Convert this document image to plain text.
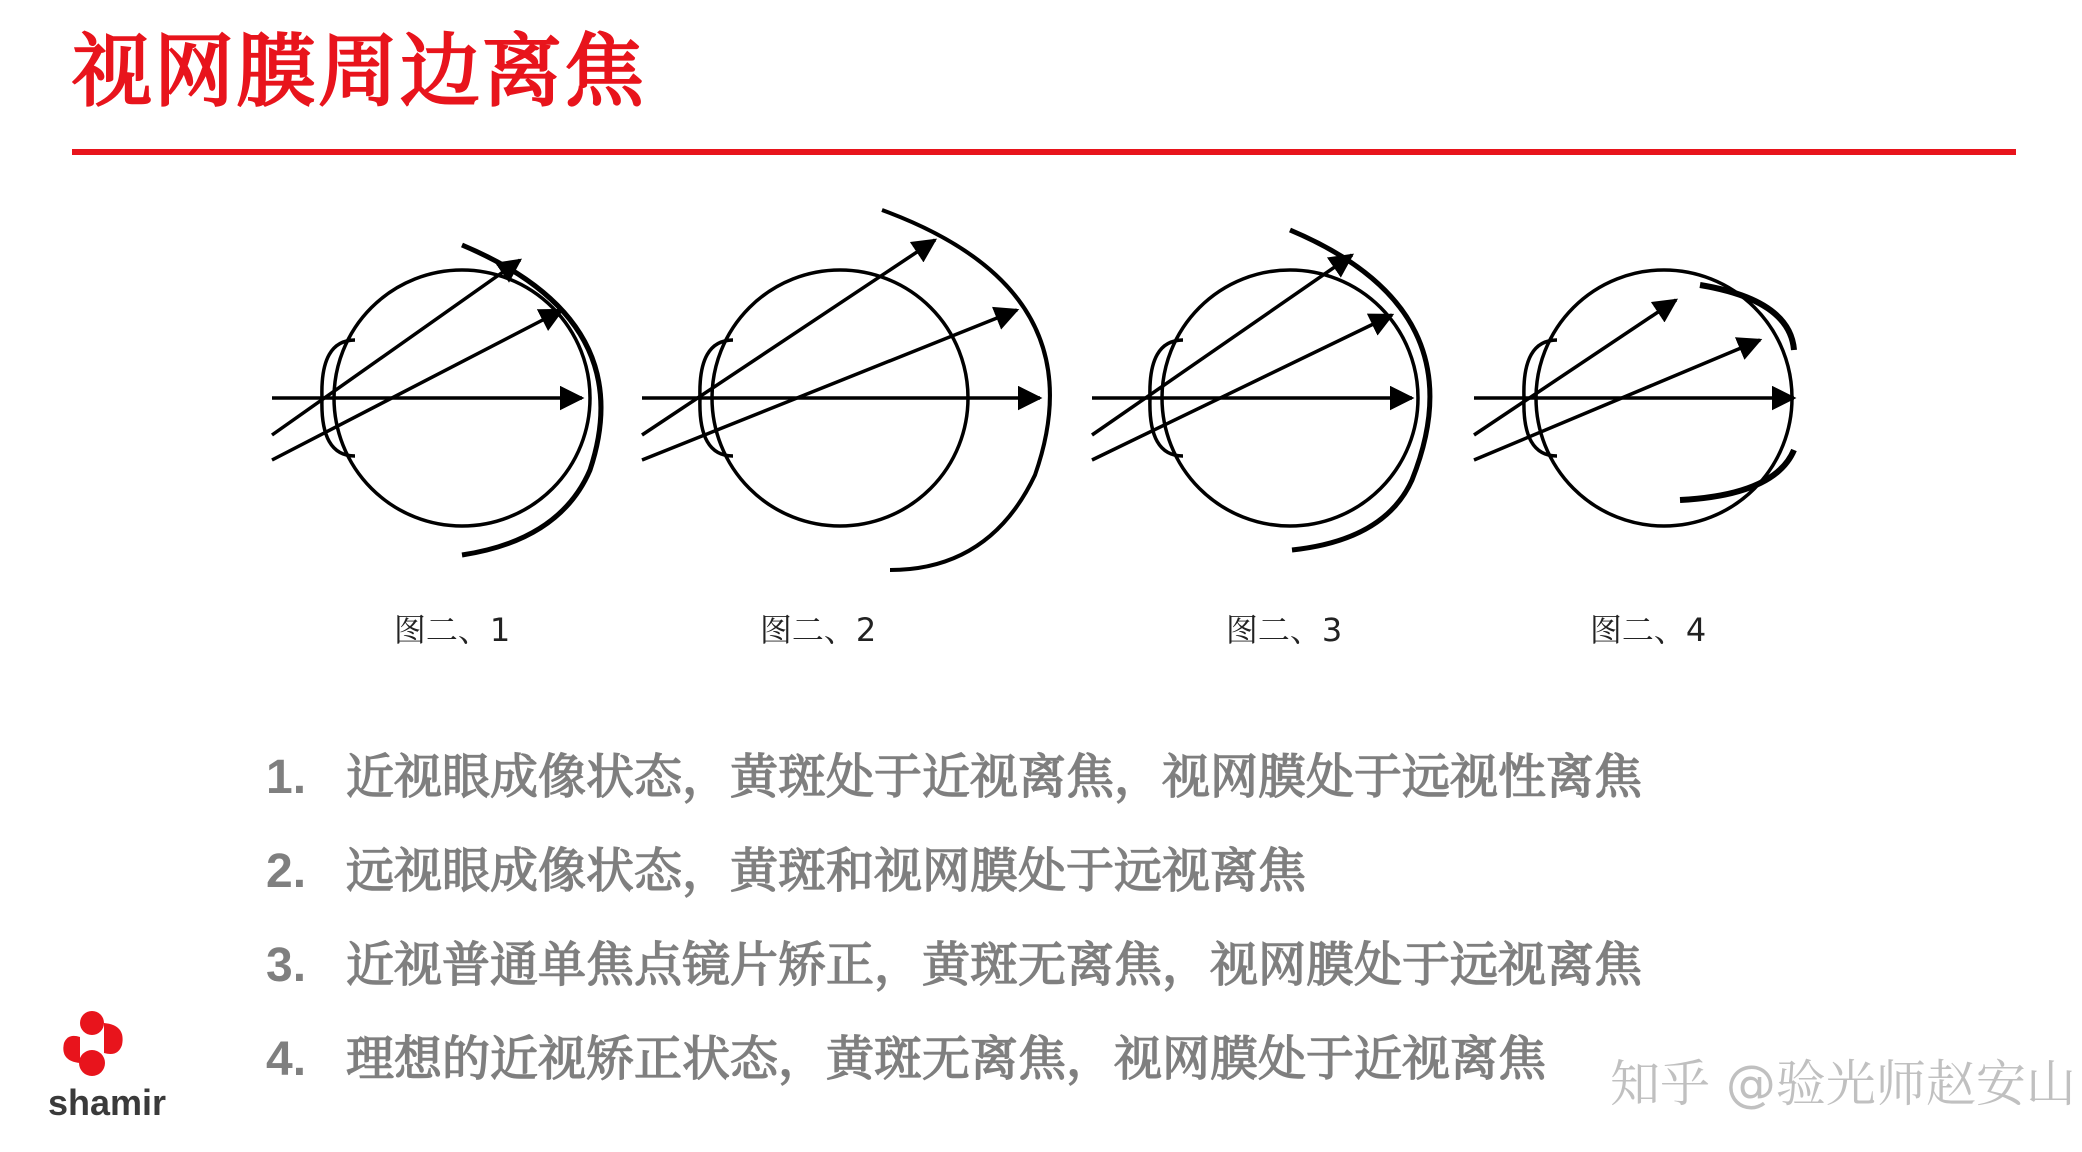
视网膜周边离焦
图二、1	图二、2	图二、3	图二、4
1. 近视眼成像状态，黄斑处于近视离焦，视网膜处于远视性离焦
2. 远视眼成像状态，黄斑和视网膜处于远视离焦
3. 近视普通单焦点镜片矫正，黄斑无离焦，视网膜处于远视离焦
4. 理想的近视矫正状态，黄斑无离焦，视网膜处于近视离焦
shamir	知乎 @验光师赵安山
